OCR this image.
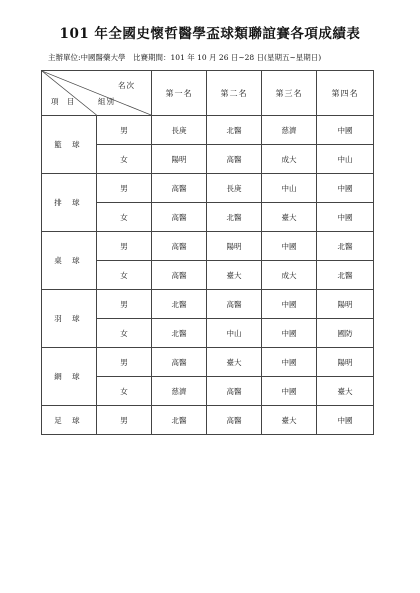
101 年全國史懷哲醫學盃球類聯誼賽各項成績表
主辦單位:中國醫藥大學　比賽期間：101 年 10 月 26 日~28 日(星期五~星期日)
名次
組別
項 目		第一名	第二名	第三名	第四名
籃 球	男	長庚	北醫	慈濟	中國
	女	陽明	高醫	成大	中山
排 球	男	高醫	長庚	中山	中國
	女	高醫	北醫	臺大	中國
桌 球	男	高醫	陽明	中國	北醫
	女	高醫	臺大	成大	北醫
羽 球	男	北醫	高醫	中國	陽明
	女	北醫	中山	中國	國防
網 球	男	高醫	臺大	中國	陽明
	女	慈濟	高醫	中國	臺大
足 球	男	北醫	高醫	臺大	中國
